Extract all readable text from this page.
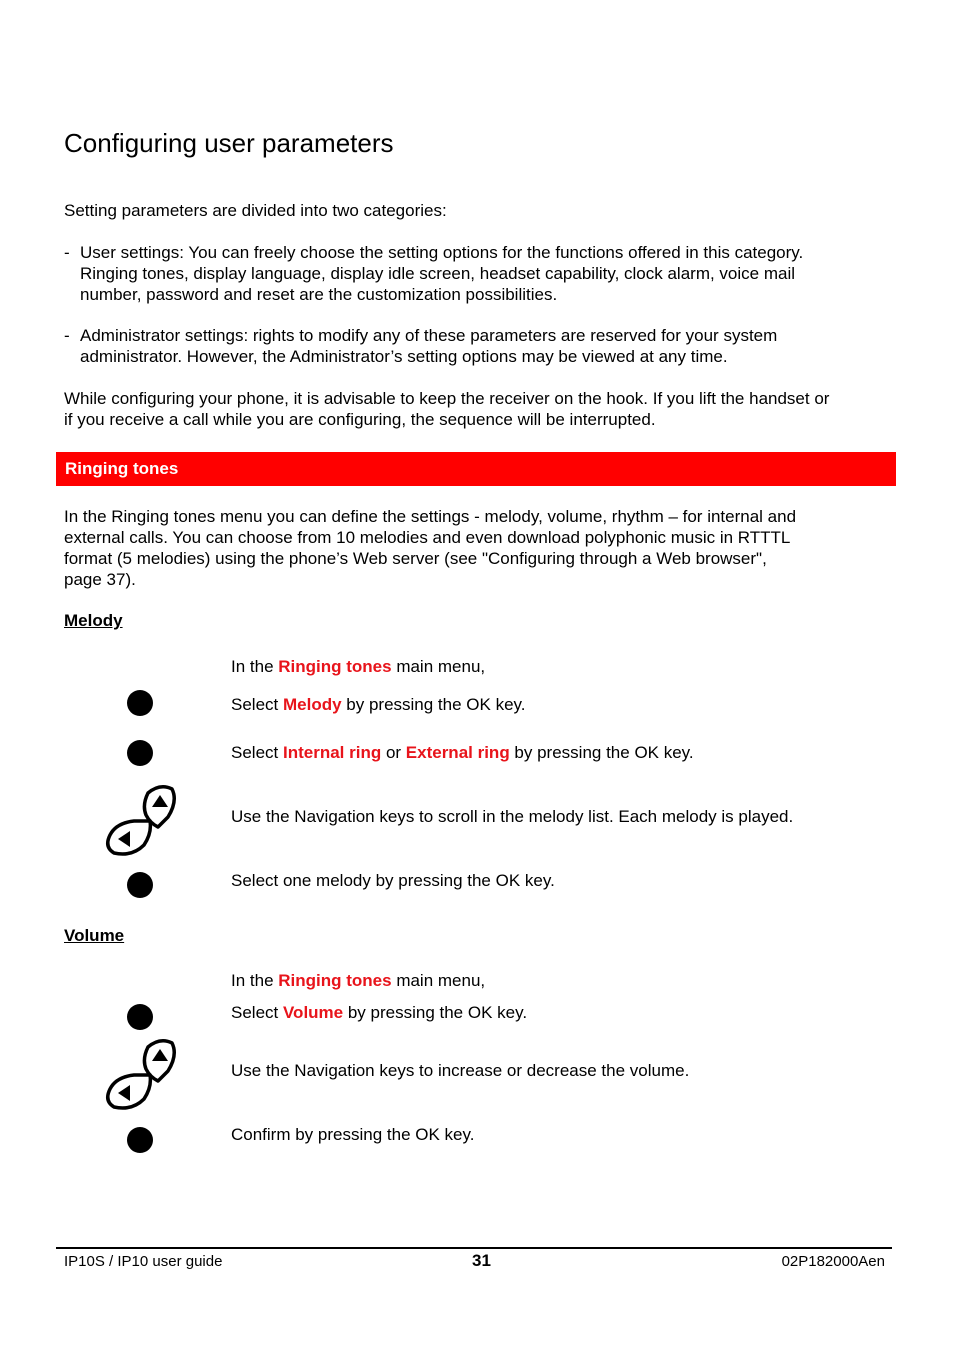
Configuring user parameters

Setting parameters are divided into two categories:

- User settings: You can freely choose the setting options for the functions offered in this category.
Ringing tones, display language, display idle screen, headset capability, clock alarm, voice mail
number, password and reset are the customization possibilities.
- Administrator settings: rights to modify any of these parameters are reserved for your system
administrator. However, the Administrator’s setting options may be viewed at any time.
While configuring your phone, it is advisable to keep the receiver on the hook. If you lift the handset or
if you receive a call while you are configuring, the sequence will be interrupted.
Ringing tones
In the Ringing tones menu you can define the settings - melody, volume, rhythm – for internal and
external calls. You can choose from 10 melodies and even download polyphonic music in RTTTL
format (5 melodies) using the phone’s Web server (see "Configuring through a Web browser",
page 37).
Melody

In the Ringing tones main menu,

Select Melody by pressing the OK key.

Select Internal ring or External ring by pressing the OK key.

Use the Navigation keys to scroll in the melody list. Each melody is played.

Select one melody by pressing the OK key.

Volume

In the Ringing tones main menu,

Select Volume by pressing the OK key.

Use the Navigation keys to increase or decrease the volume.

Confirm by pressing the OK key.

IP10S / IP10 user guide	31	02P182000Aen
